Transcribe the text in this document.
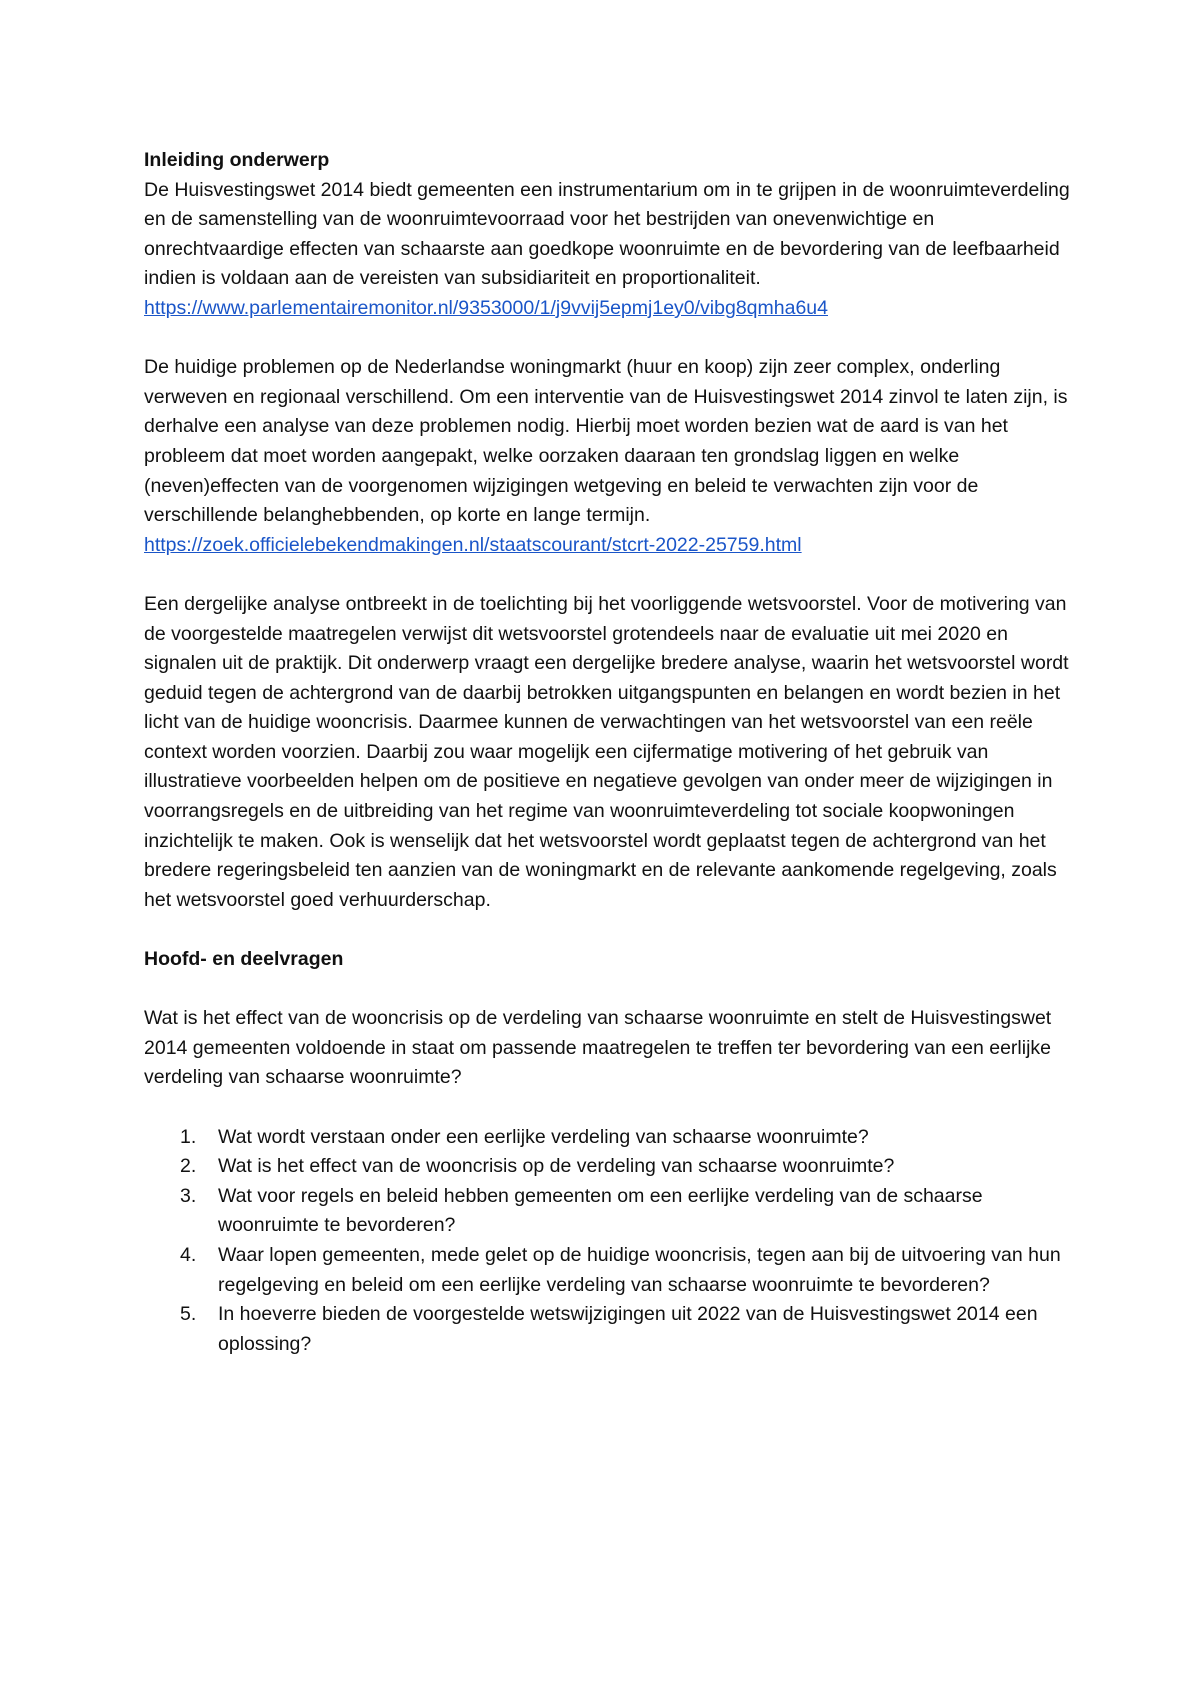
Inleiding onderwerp

De Huisvestingswet 2014 biedt gemeenten een instrumentarium om in te grijpen in de woonruimteverdeling en de samenstelling van de woonruimtevoorraad voor het bestrijden van onevenwichtige en onrechtvaardige effecten van schaarste aan goedkope woonruimte en de bevordering van de leefbaarheid indien is voldaan aan de vereisten van subsidiariteit en proportionaliteit.

https://www.parlementairemonitor.nl/9353000/1/j9vvij5epmj1ey0/vibg8qmha6u4

De huidige problemen op de Nederlandse woningmarkt (huur en koop) zijn zeer complex, onderling verweven en regionaal verschillend. Om een interventie van de Huisvestingswet 2014 zinvol te laten zijn, is derhalve een analyse van deze problemen nodig. Hierbij moet worden bezien wat de aard is van het probleem dat moet worden aangepakt, welke oorzaken daaraan ten grondslag liggen en welke (neven)effecten van de voorgenomen wijzigingen wetgeving en beleid te verwachten zijn voor de verschillende belanghebbenden, op korte en lange termijn.

https://zoek.officielebekendmakingen.nl/staatscourant/stcrt-2022-25759.html

Een dergelijke analyse ontbreekt in de toelichting bij het voorliggende wetsvoorstel. Voor de motivering van de voorgestelde maatregelen verwijst dit wetsvoorstel grotendeels naar de evaluatie uit mei 2020 en signalen uit de praktijk. Dit onderwerp vraagt een dergelijke bredere analyse, waarin het wetsvoorstel wordt geduid tegen de achtergrond van de daarbij betrokken uitgangspunten en belangen en wordt bezien in het licht van de huidige wooncrisis. Daarmee kunnen de verwachtingen van het wetsvoorstel van een reële context worden voorzien. Daarbij zou waar mogelijk een cijfermatige motivering of het gebruik van illustratieve voorbeelden helpen om de positieve en negatieve gevolgen van onder meer de wijzigingen in voorrangsregels en de uitbreiding van het regime van woonruimteverdeling tot sociale koopwoningen inzichtelijk te maken. Ook is wenselijk dat het wetsvoorstel wordt geplaatst tegen de achtergrond van het bredere regeringsbeleid ten aanzien van de woningmarkt en de relevante aankomende regelgeving, zoals het wetsvoorstel goed verhuurderschap.

Hoofd- en deelvragen

Wat is het effect van de wooncrisis op de verdeling van schaarse woonruimte en stelt de Huisvestingswet 2014 gemeenten voldoende in staat om passende maatregelen te treffen ter bevordering van een eerlijke verdeling van schaarse woonruimte?

1. Wat wordt verstaan onder een eerlijke verdeling van schaarse woonruimte?
2. Wat is het effect van de wooncrisis op de verdeling van schaarse woonruimte?
3. Wat voor regels en beleid hebben gemeenten om een eerlijke verdeling van de schaarse woonruimte te bevorderen?
4. Waar lopen gemeenten, mede gelet op de huidige wooncrisis, tegen aan bij de uitvoering van hun regelgeving en beleid om een eerlijke verdeling van schaarse woonruimte te bevorderen?
5. In hoeverre bieden de voorgestelde wetswijzigingen uit 2022 van de Huisvestingswet 2014 een oplossing?
